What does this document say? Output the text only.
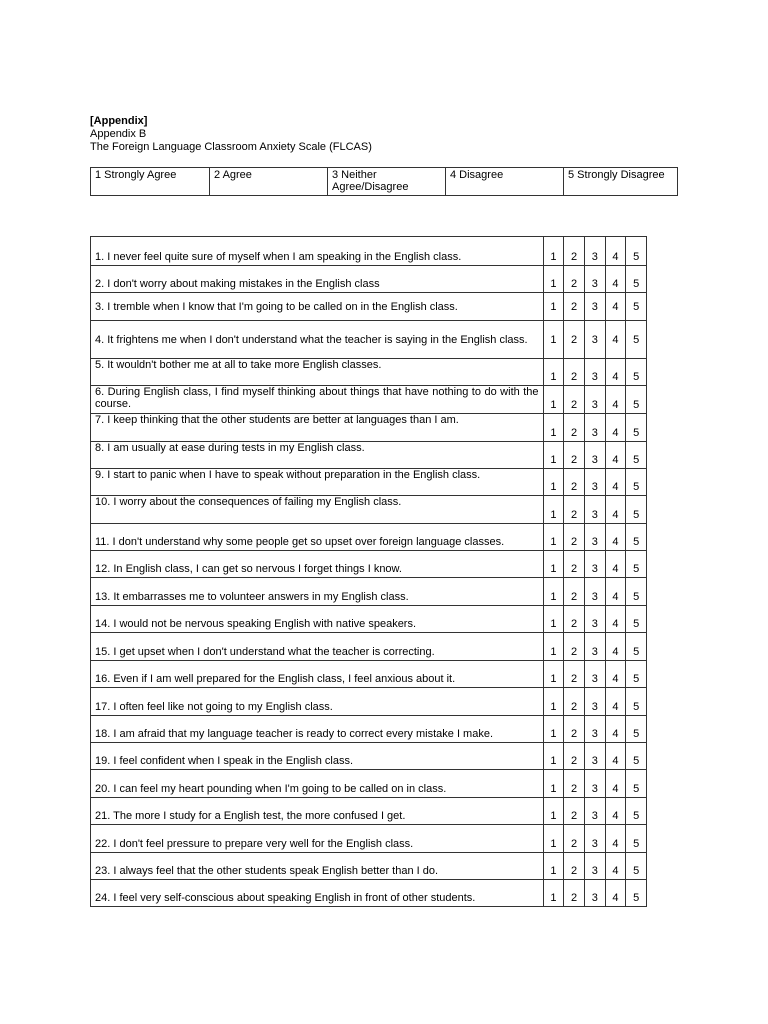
[Appendix]
Appendix B
The Foreign Language Classroom Anxiety Scale (FLCAS)
1 Strongly Agree	2 Agree	3 Neither Agree/Disagree	4 Disagree	5 Strongly Disagree
1. I never feel quite sure of myself when I am speaking in the English class.	1	2	3	4	5
2. I don't worry about making mistakes in the English class	1	2	3	4	5
3. I tremble when I know that I'm going to be called on in the English class.	1	2	3	4	5
4. It frightens me when I don't understand what the teacher is saying in the English class.	1	2	3	4	5
5. It wouldn't bother me at all to take more English classes.	1	2	3	4	5
6. During English class, I find myself thinking about things that have nothing to do with the course.	1	2	3	4	5
7. I keep thinking that the other students are better at languages than I am.	1	2	3	4	5
8. I am usually at ease during tests in my English class.	1	2	3	4	5
9. I start to panic when I have to speak without preparation in the English class.	1	2	3	4	5
10. I worry about the consequences of failing my English class.	1	2	3	4	5
11. I don't understand why some people get so upset over foreign language classes.	1	2	3	4	5
12. In English class, I can get so nervous I forget things I know.	1	2	3	4	5
13. It embarrasses me to volunteer answers in my English class.	1	2	3	4	5
14. I would not be nervous speaking English with native speakers.	1	2	3	4	5
15. I get upset when I don't understand what the teacher is correcting.	1	2	3	4	5
16. Even if I am well prepared for the English class, I feel anxious about it.	1	2	3	4	5
17. I often feel like not going to my English class.	1	2	3	4	5
18. I am afraid that my language teacher is ready to correct every mistake I make.	1	2	3	4	5
19. I feel confident when I speak in the English class.	1	2	3	4	5
20. I can feel my heart pounding when I'm going to be called on in class.	1	2	3	4	5
21. The more I study for a English test, the more confused I get.	1	2	3	4	5
22. I don't feel pressure to prepare very well for the English class.	1	2	3	4	5
23. I always feel that the other students speak English better than I do.	1	2	3	4	5
24. I feel very self-conscious about speaking English in front of other students.	1	2	3	4	5
